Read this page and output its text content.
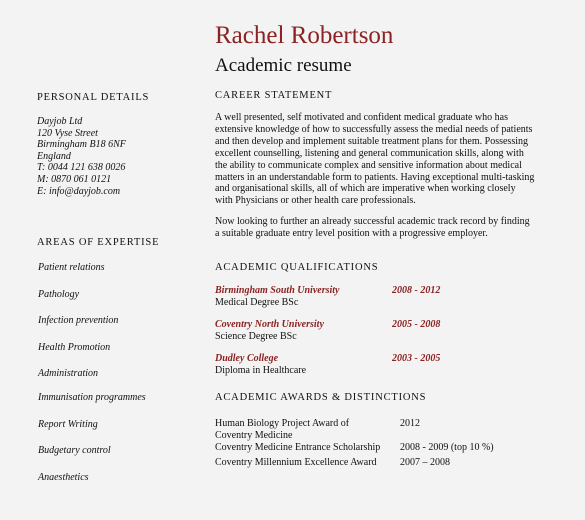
Rachel Robertson
Academic resume
PERSONAL DETAILS
Dayjob Ltd
120 Vyse Street
Birmingham B18 6NF
England
T: 0044 121 638 0026
M: 0870 061 0121
E: info@dayjob.com
AREAS OF EXPERTISE
Patient relations
Pathology
Infection prevention
Health Promotion
Administration
Immunisation programmes
Report Writing
Budgetary control
Anaesthetics
CAREER STATEMENT
A well presented, self motivated and confident medical graduate who has
extensive knowledge of how to successfully assess the medial needs of patients
and then develop and implement suitable treatment plans for them. Possessing
excellent counselling, listening and general communication skills, along with
the ability to communicate complex and sensitive information about medical
matters in an understandable form to patients. Having exceptional multi-tasking
and organisational skills, all of which are imperative when working closely
with Physicians or other health care professionals.
Now looking to further an already successful academic track record by finding
a suitable graduate entry level position with a progressive employer.
ACADEMIC QUALIFICATIONS
Birmingham South University	2008 - 2012
Medical Degree BSc
Coventry North University	2005 - 2008
Science Degree BSc
Dudley College	2003 - 2005
Diploma in Healthcare
ACADEMIC AWARDS & DISTINCTIONS
Human Biology Project Award of
Coventry Medicine
2012
Coventry Medicine Entrance Scholarship 2008 - 2009 (top 10 %)
Coventry Millennium Excellence Award 2007 – 2008
